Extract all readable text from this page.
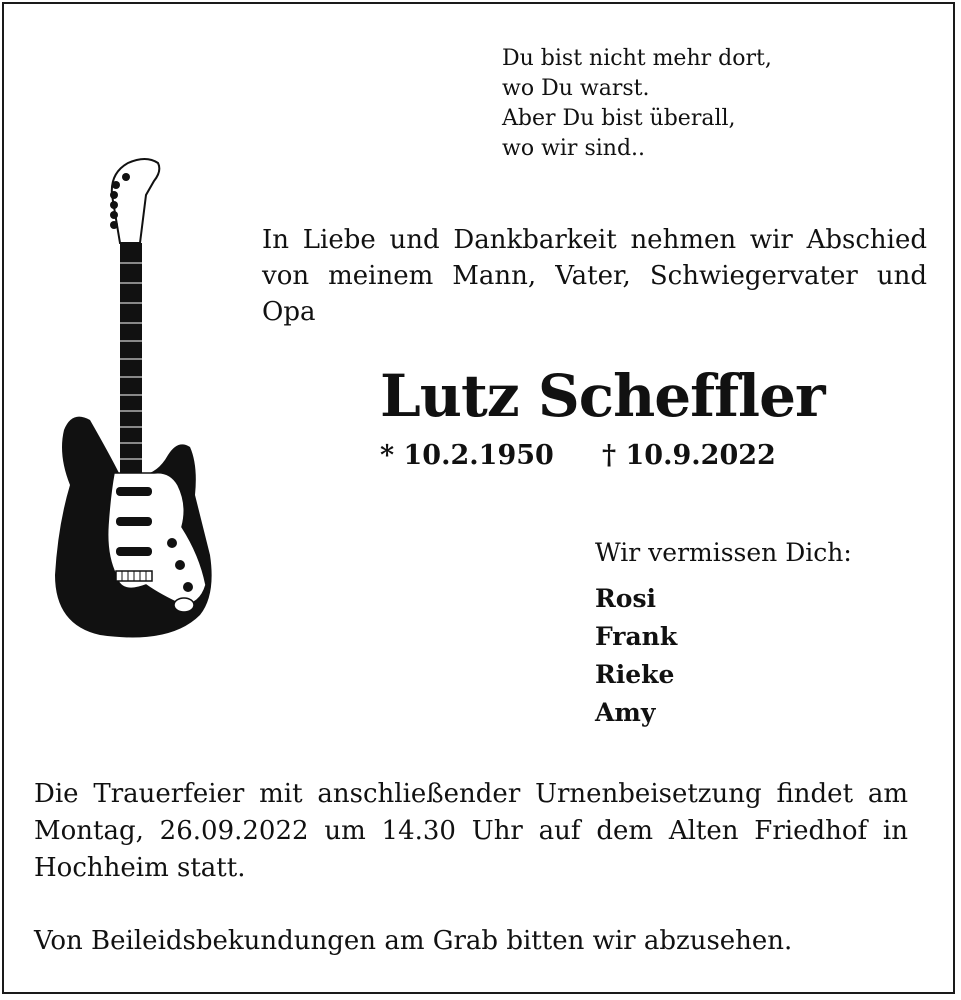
Du bist nicht mehr dort,
wo Du warst.
Aber Du bist überall,
wo wir sind..
In Liebe und Dankbarkeit nehmen wir Abschied von meinem Mann, Vater, Schwiegervater und Opa
Lutz Scheffler
* 10.2.1950 † 10.9.2022
Wir vermissen Dich:
Rosi
Frank
Rieke
Amy
Die Trauerfeier mit anschließender Urnenbeisetzung findet am Montag, 26.09.2022 um 14.30 Uhr auf dem Alten Friedhof in Hochheim statt.
Von Beileidsbekundungen am Grab bitten wir abzusehen.
